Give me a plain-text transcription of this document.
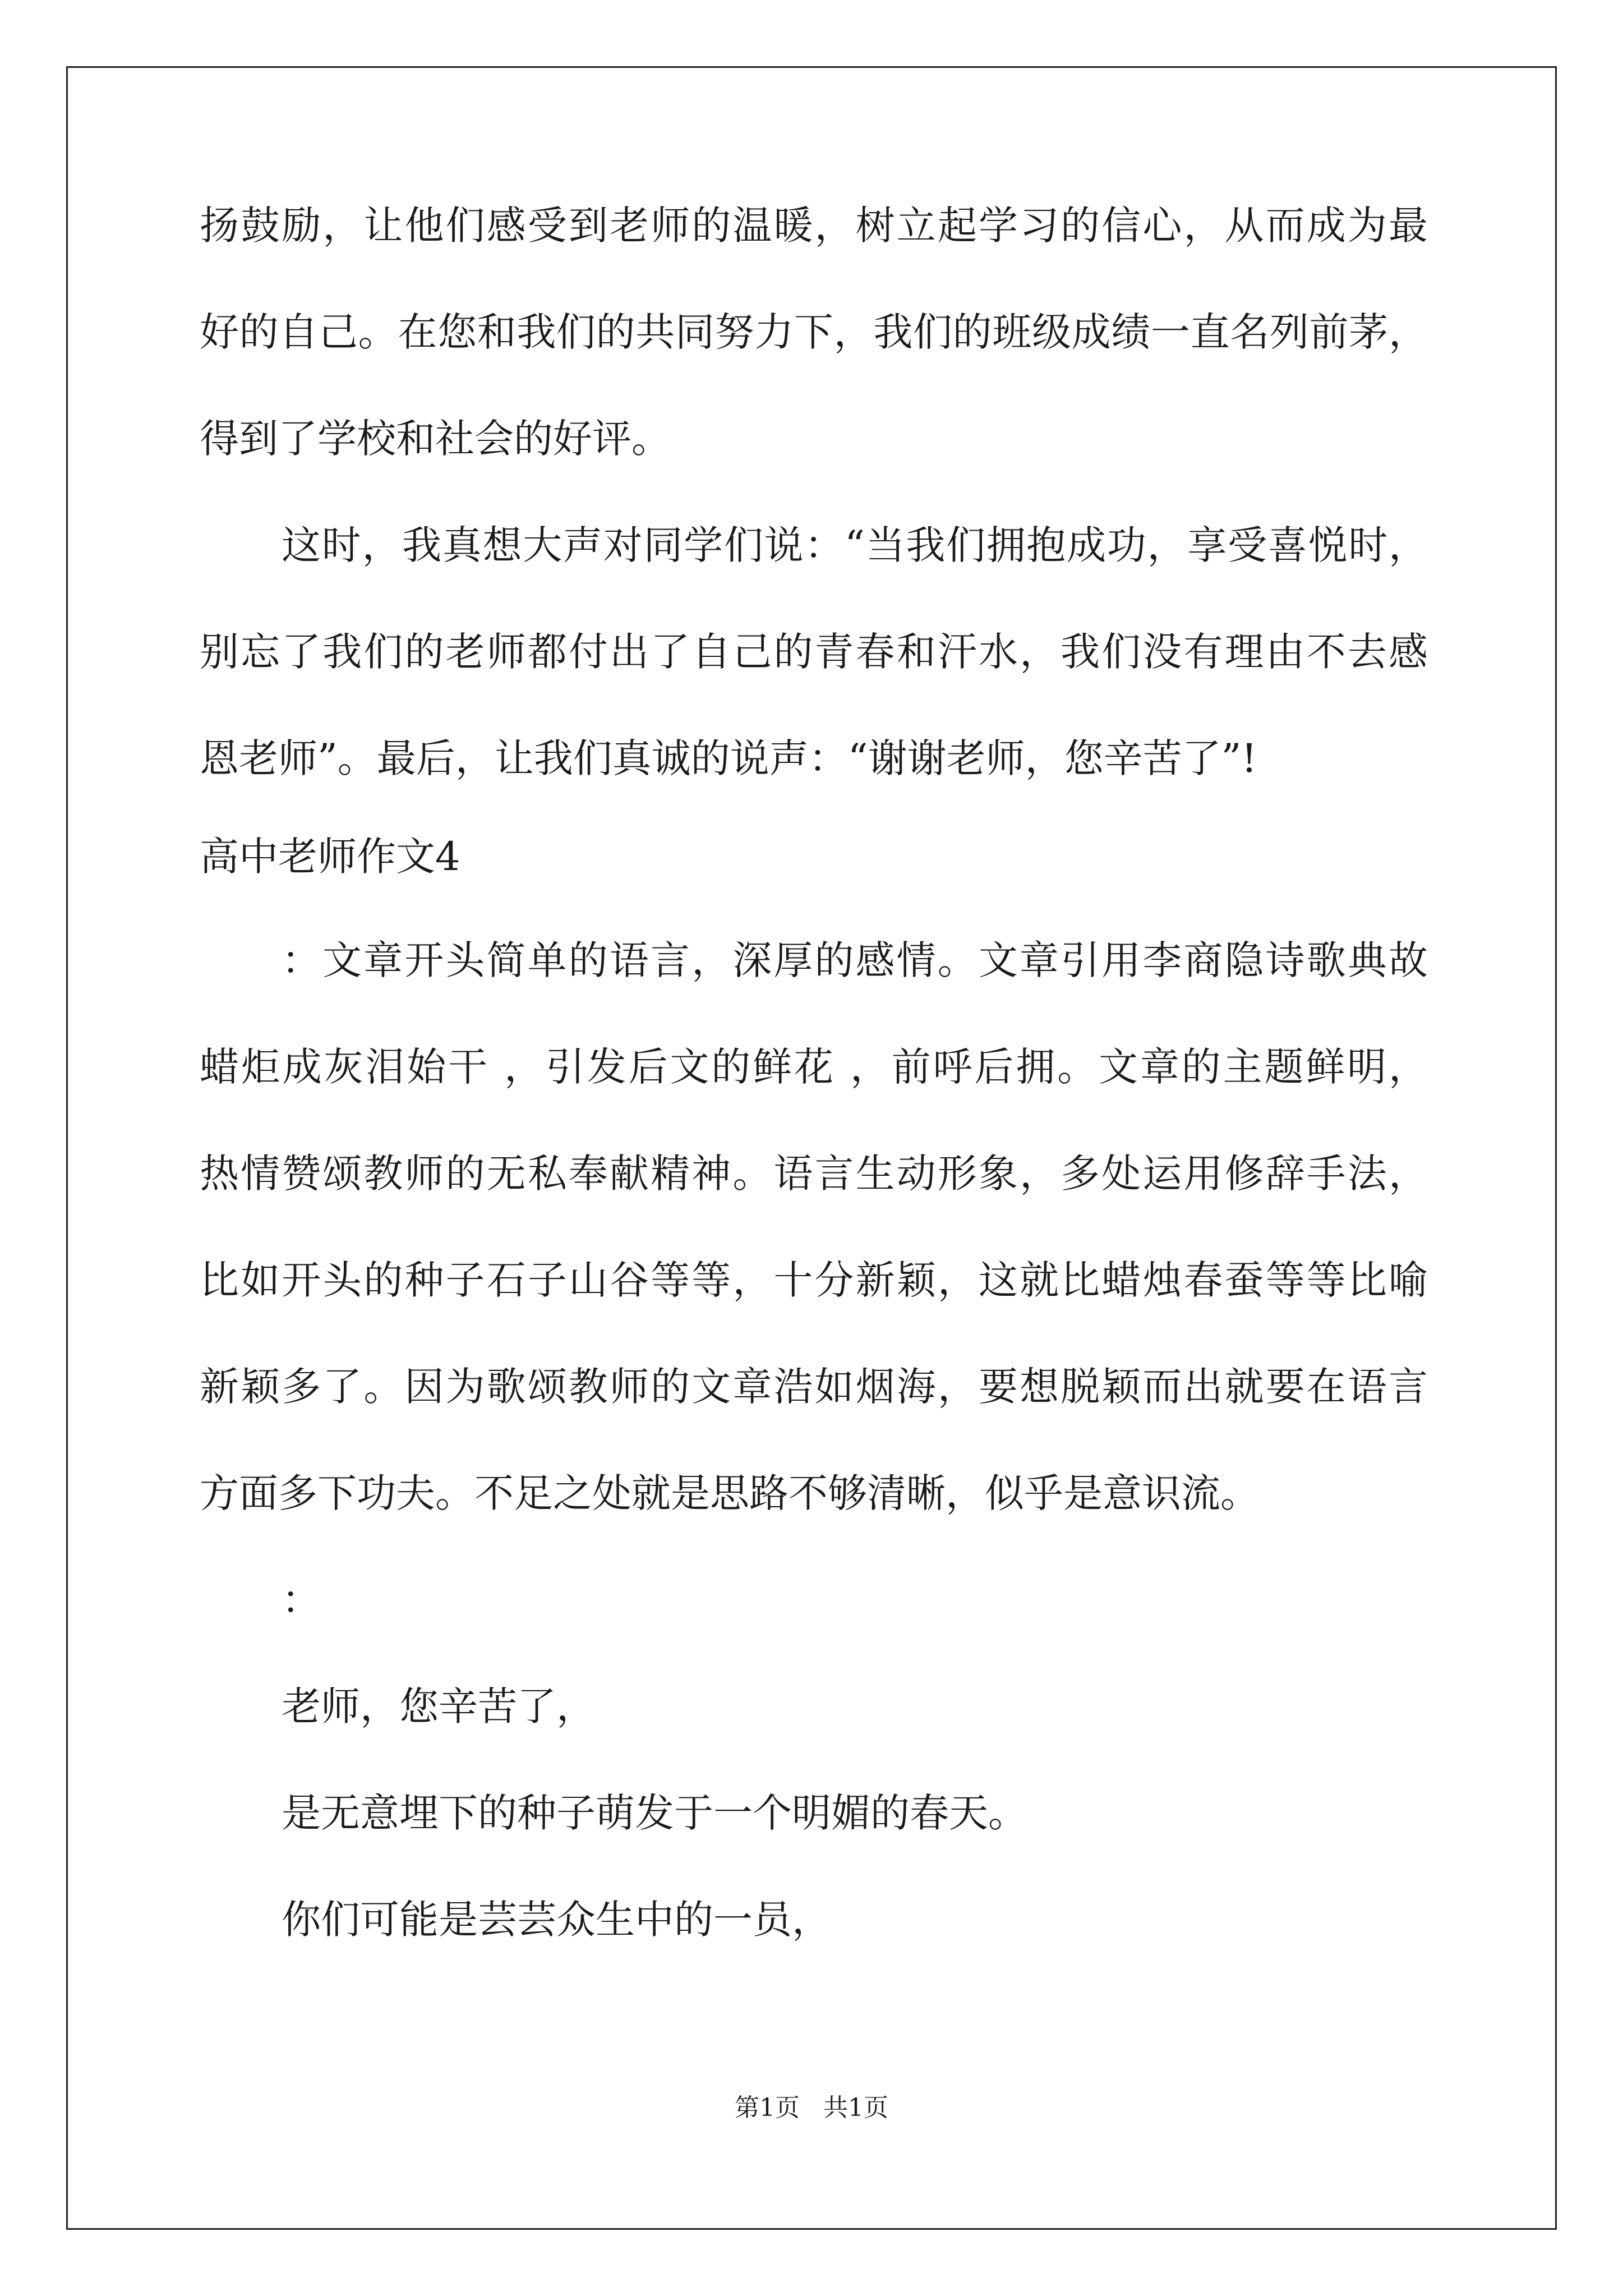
扬鼓励，让他们感受到老师的温暖，树立起学习的信心，从而成为最
好的自己。在您和我们的共同努力下，我们的班级成绩一直名列前茅，
得到了学校和社会的好评。
这时，我真想大声对同学们说：“当我们拥抱成功，享受喜悦时，
别忘了我们的老师都付出了自己的青春和汗水，我们没有理由不去感
恩老师”。最后，让我们真诚的说声：“谢谢老师，您辛苦了”!
高中老师作文4
：文章开头简单的语言，深厚的感情。文章引用李商隐诗歌典故
蜡炬成灰泪始干 ，引发后文的鲜花 ，前呼后拥。文章的主题鲜明，
热情赞颂教师的无私奉献精神。语言生动形象，多处运用修辞手法，
比如开头的种子石子山谷等等，十分新颖，这就比蜡烛春蚕等等比喻
新颖多了。因为歌颂教师的文章浩如烟海，要想脱颖而出就要在语言
方面多下功夫。不足之处就是思路不够清晰，似乎是意识流。
：
老师，您辛苦了，
是无意埋下的种子萌发于一个明媚的春天。
你们可能是芸芸众生中的一员，
第1页   共1页
